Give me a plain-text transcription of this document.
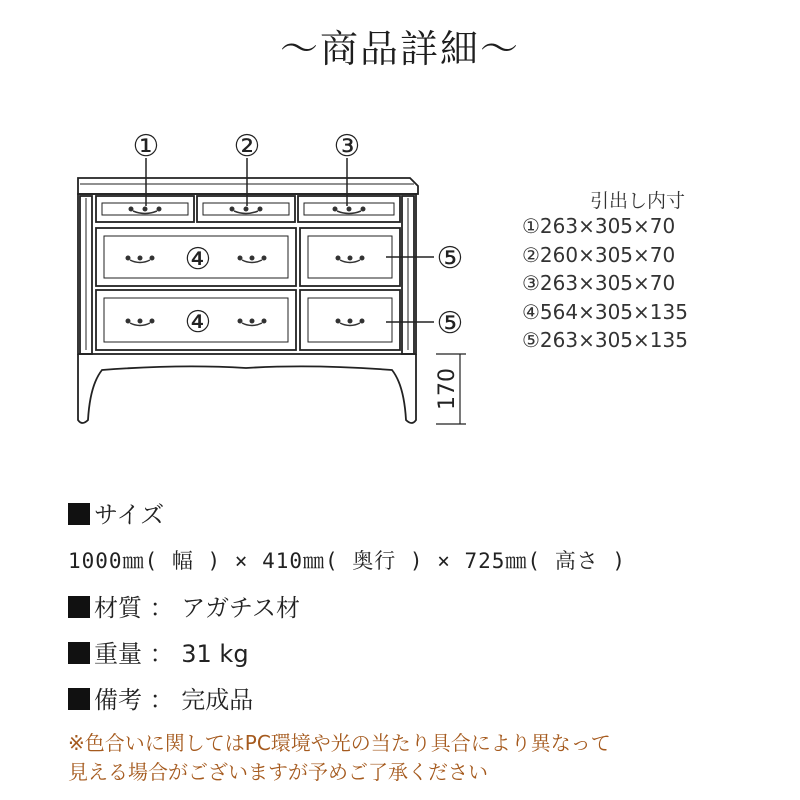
～商品詳細～
① ② ③
④
④
⑤
⑤
170
引出し内寸
①263×305×70
②260×305×70
③263×305×70
④564×305×135
⑤263×305×135
サイズ
1000㎜( 幅 ) × 410㎜( 奥行 ) × 725㎜( 高さ )
材質 ： アガチス材
重量 ： 31 kg
備考 ： 完成品
※色合いに関してはPC環境や光の当たり具合により異なって
見える場合がございますが予めご了承ください
